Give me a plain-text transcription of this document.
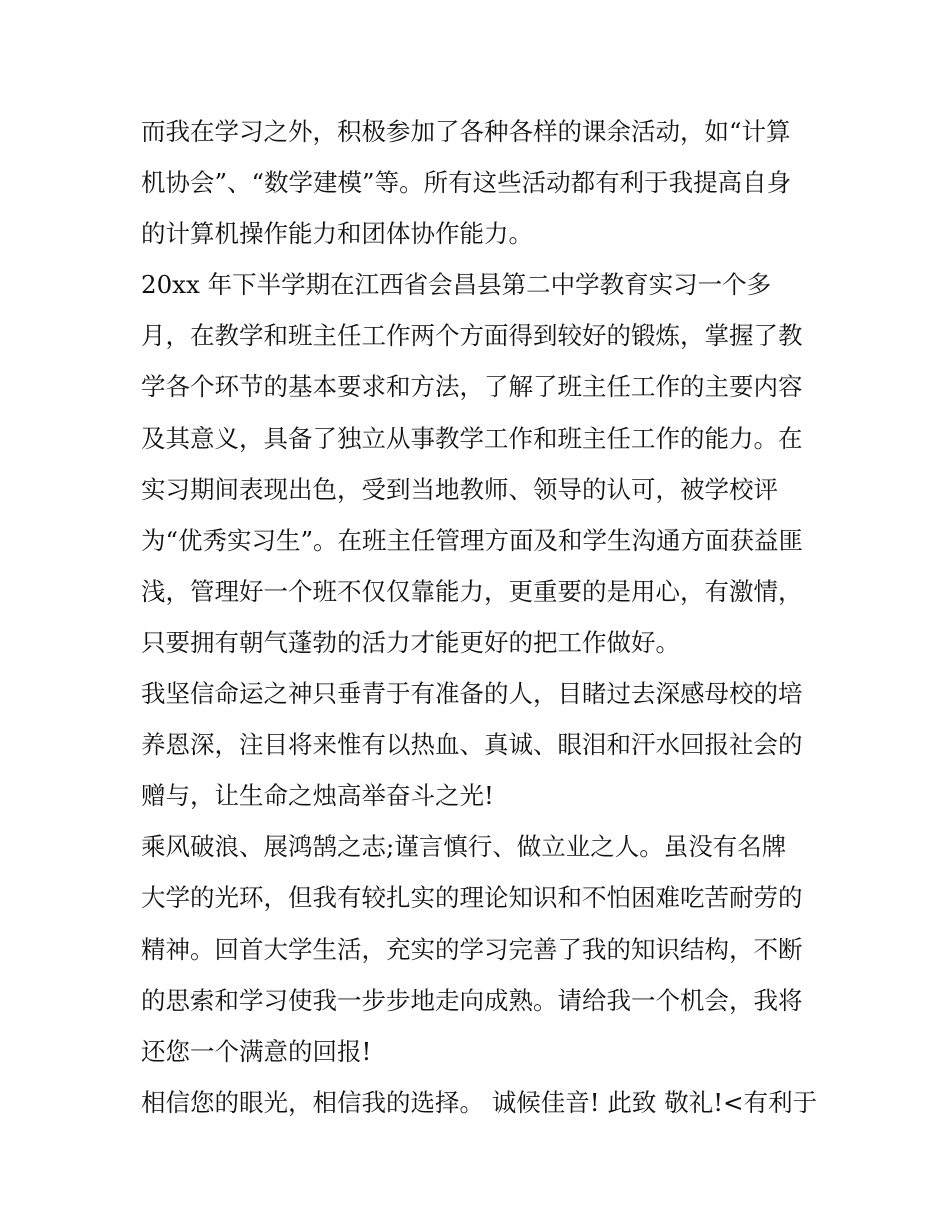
而我在学习之外，积极参加了各种各样的课余活动，如“计算
机协会”、“数学建模”等。所有这些活动都有利于我提高自身
的计算机操作能力和团体协作能力。
20xx 年下半学期在江西省会昌县第二中学教育实习一个多
月，在教学和班主任工作两个方面得到较好的锻炼，掌握了教
学各个环节的基本要求和方法，了解了班主任工作的主要内容
及其意义，具备了独立从事教学工作和班主任工作的能力。在
实习期间表现出色，受到当地教师、领导的认可，被学校评
为“优秀实习生”。在班主任管理方面及和学生沟通方面获益匪
浅，管理好一个班不仅仅靠能力，更重要的是用心，有激情，
只要拥有朝气蓬勃的活力才能更好的把工作做好。
我坚信命运之神只垂青于有准备的人，目睹过去深感母校的培
养恩深，注目将来惟有以热血、真诚、眼泪和汗水回报社会的
赠与，让生命之烛高举奋斗之光!
乘风破浪、展鸿鹄之志;谨言慎行、做立业之人。虽没有名牌
大学的光环，但我有较扎实的理论知识和不怕困难吃苦耐劳的
精神。回首大学生活，充实的学习完善了我的知识结构，不断
的思索和学习使我一步步地走向成熟。请给我一个机会，我将
还您一个满意的回报!
相信您的眼光，相信我的选择。 诚候佳音! 此致 敬礼!<有利于
